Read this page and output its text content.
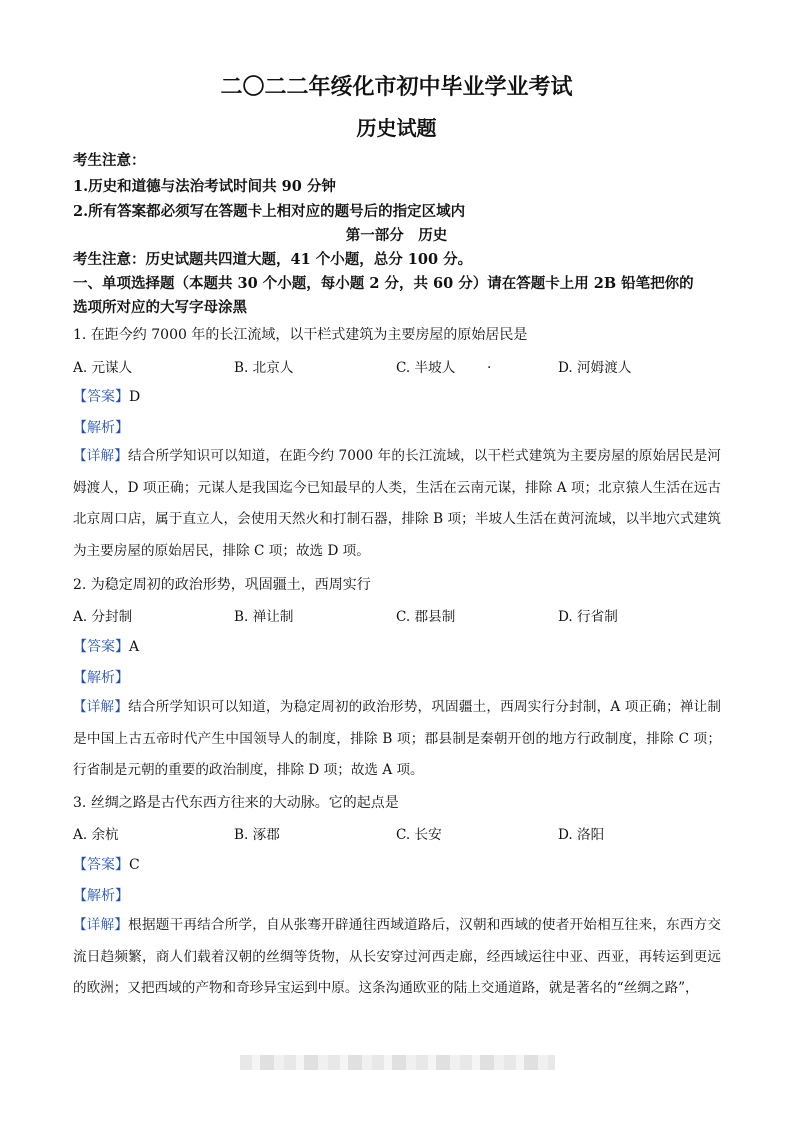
二〇二二年绥化市初中毕业学业考试
历史试题
考生注意：
1.历史和道德与法治考试时间共 90 分钟
2.所有答案都必须写在答题卡上相对应的题号后的指定区域内
第一部分　历史
考生注意：历史试题共四道大题，41 个小题，总分 100 分。
一、单项选择题（本题共 30 个小题，每小题 2 分，共 60 分）请在答题卡上用 2B 铅笔把你的
选项所对应的大写字母涂黑
1. 在距今约 7000 年的长江流域，以干栏式建筑为主要房屋的原始居民是
A. 元谋人	B. 北京人	C. 半坡人 .	D. 河姆渡人
【答案】D
【解析】
【详解】结合所学知识可以知道，在距今约 7000 年的长江流域，以干栏式建筑为主要房屋的原始居民是河姆渡人，D 项正确；元谋人是我国迄今已知最早的人类，生活在云南元谋，排除 A 项；北京猿人生活在远古北京周口店，属于直立人，会使用天然火和打制石器，排除 B 项；半坡人生活在黄河流域，以半地穴式建筑为主要房屋的原始居民，排除 C 项；故选 D 项。
2. 为稳定周初的政治形势，巩固疆土，西周实行
A. 分封制	B. 禅让制	C. 郡县制	D. 行省制
【答案】A
【解析】
【详解】结合所学知识可以知道，为稳定周初的政治形势，巩固疆土，西周实行分封制，A 项正确；禅让制是中国上古五帝时代产生中国领导人的制度，排除 B 项；郡县制是秦朝开创的地方行政制度，排除 C 项；行省制是元朝的重要的政治制度，排除 D 项；故选 A 项。
3. 丝绸之路是古代东西方往来的大动脉。它的起点是
A. 余杭	B. 涿郡	C. 长安	D. 洛阳
【答案】C
【解析】
【详解】根据题干再结合所学，自从张骞开辟通往西域道路后，汉朝和西域的使者开始相互往来，东西方交流日趋频繁，商人们载着汉朝的丝绸等货物，从长安穿过河西走廊，经西域运往中亚、西亚，再转运到更远的欧洲；又把西域的产物和奇珍异宝运到中原。这条沟通欧亚的陆上交通道路，就是著名的“丝绸之路”，
